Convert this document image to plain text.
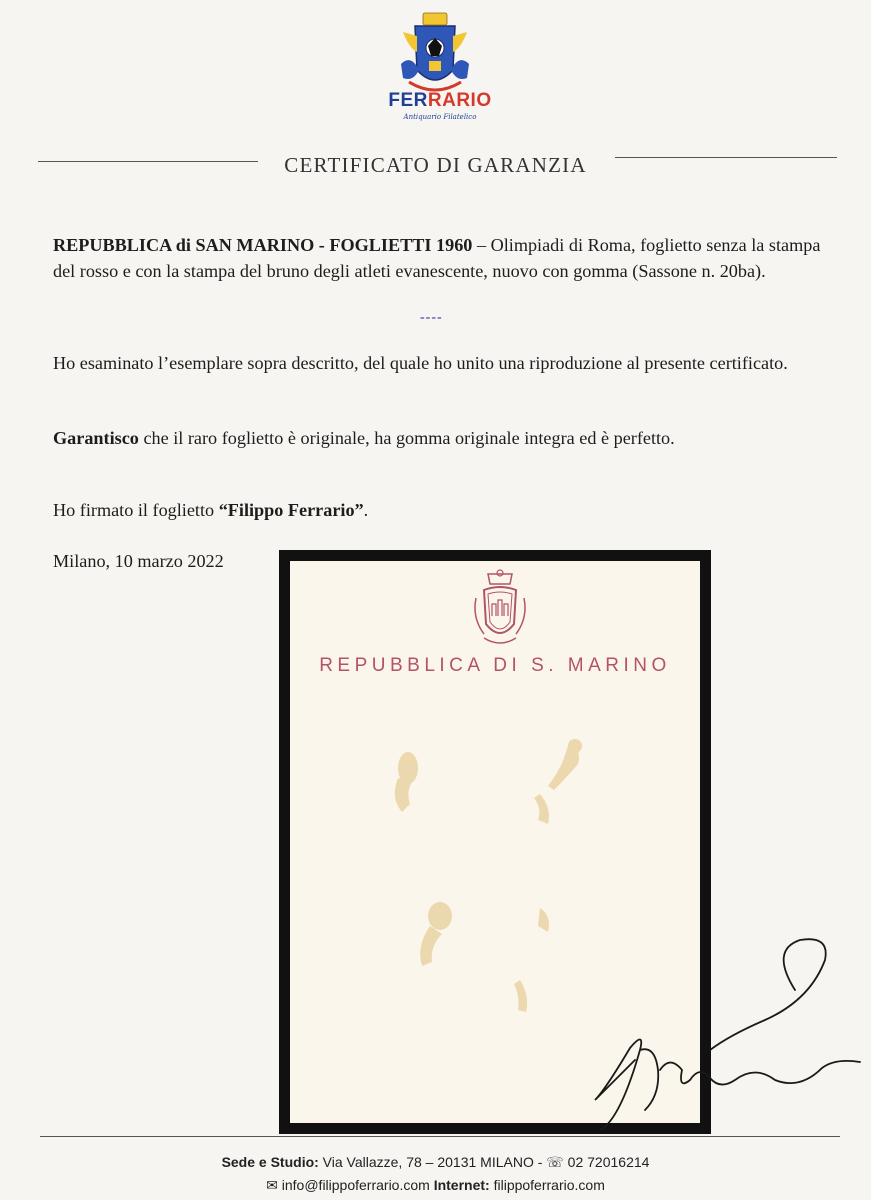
FERRARIO
Antiquario Filatelico
CERTIFICATO DI GARANZIA
REPUBBLICA di SAN MARINO - FOGLIETTI 1960 – Olimpiadi di Roma, foglietto senza la stampa del rosso e con la stampa del bruno degli atleti evanescente, nuovo con gomma (Sassone n. 20ba).
----
Ho esaminato l’esemplare sopra descritto, del quale ho unito una riproduzione al presente certificato.
Garantisco che il raro foglietto è originale, ha gomma originale integra ed è perfetto.
Ho firmato il foglietto “Filippo Ferrario”.
Milano, 10 marzo 2022
REPUBBLICA DI S. MARINO
Sede e Studio: Via Vallazze, 78 – 20131 MILANO - ☏ 02 72016214
✉ info@filippoferrario.com Internet: filippoferrario.com
